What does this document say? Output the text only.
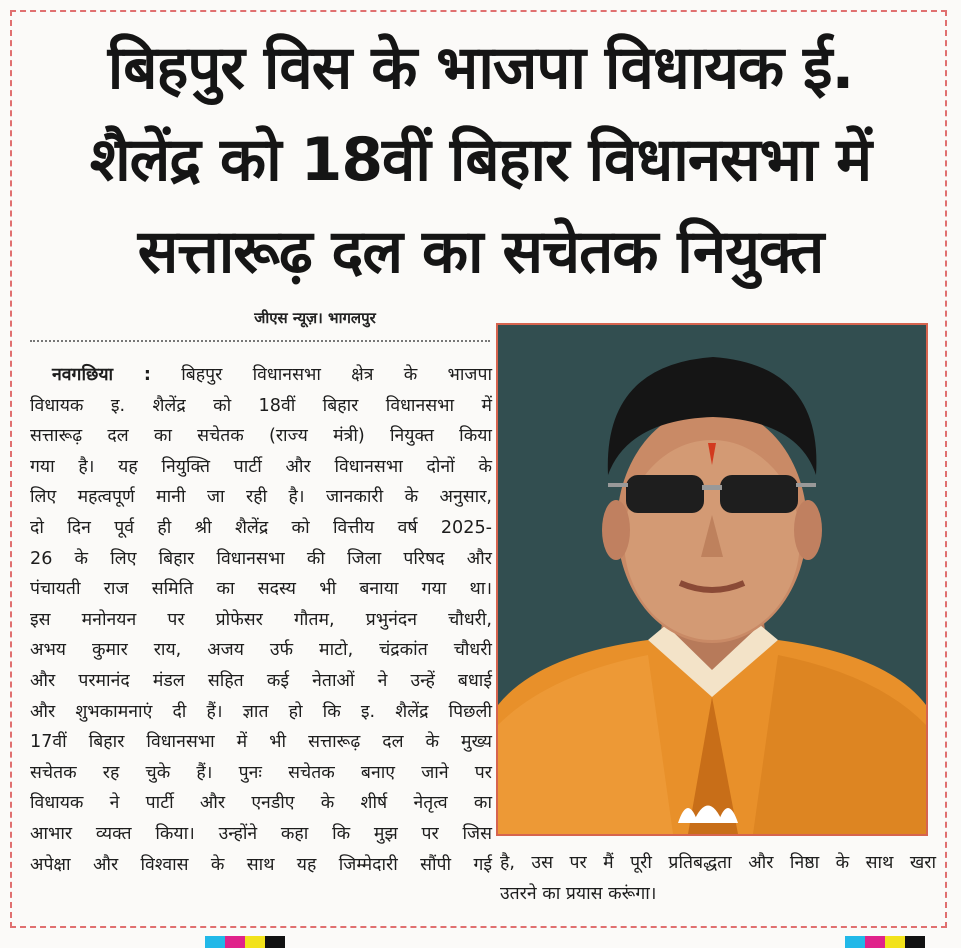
बिहपुर विस के भाजपा विधायक ई.
शैलेंद्र को 18वीं बिहार विधानसभा में
सत्तारूढ़ दल का सचेतक नियुक्त
जीएस न्यूज़। भागलपुर
नवगछिया : बिहपुर विधानसभा क्षेत्र के भाजपा
विधायक इ. शैलेंद्र को 18वीं बिहार विधानसभा में
सत्तारूढ़ दल का सचेतक (राज्य मंत्री) नियुक्त किया
गया है। यह नियुक्ति पार्टी और विधानसभा दोनों के
लिए महत्वपूर्ण मानी जा रही है। जानकारी के अनुसार,
दो दिन पूर्व ही श्री शैलेंद्र को वित्तीय वर्ष 2025-
26 के लिए बिहार विधानसभा की जिला परिषद और
पंचायती राज समिति का सदस्य भी बनाया गया था।
इस मनोनयन पर प्रोफेसर गौतम, प्रभुनंदन चौधरी,
अभय कुमार राय, अजय उर्फ माटो, चंद्रकांत चौधरी
और परमानंद मंडल सहित कई नेताओं ने उन्हें बधाई
और शुभकामनाएं दी हैं। ज्ञात हो कि इ. शैलेंद्र पिछली
17वीं बिहार विधानसभा में भी सत्तारूढ़ दल के मुख्य
सचेतक रह चुके हैं। पुनः सचेतक बनाए जाने पर
विधायक ने पार्टी और एनडीए के शीर्ष नेतृत्व का
आभार व्यक्त किया। उन्होंने कहा कि मुझ पर जिस
अपेक्षा और विश्वास के साथ यह जिम्मेदारी सौंपी गई है, उस पर मैं पूरी प्रतिबद्धता और निष्ठा के साथ खरा
उतरने का प्रयास करूंगा।
